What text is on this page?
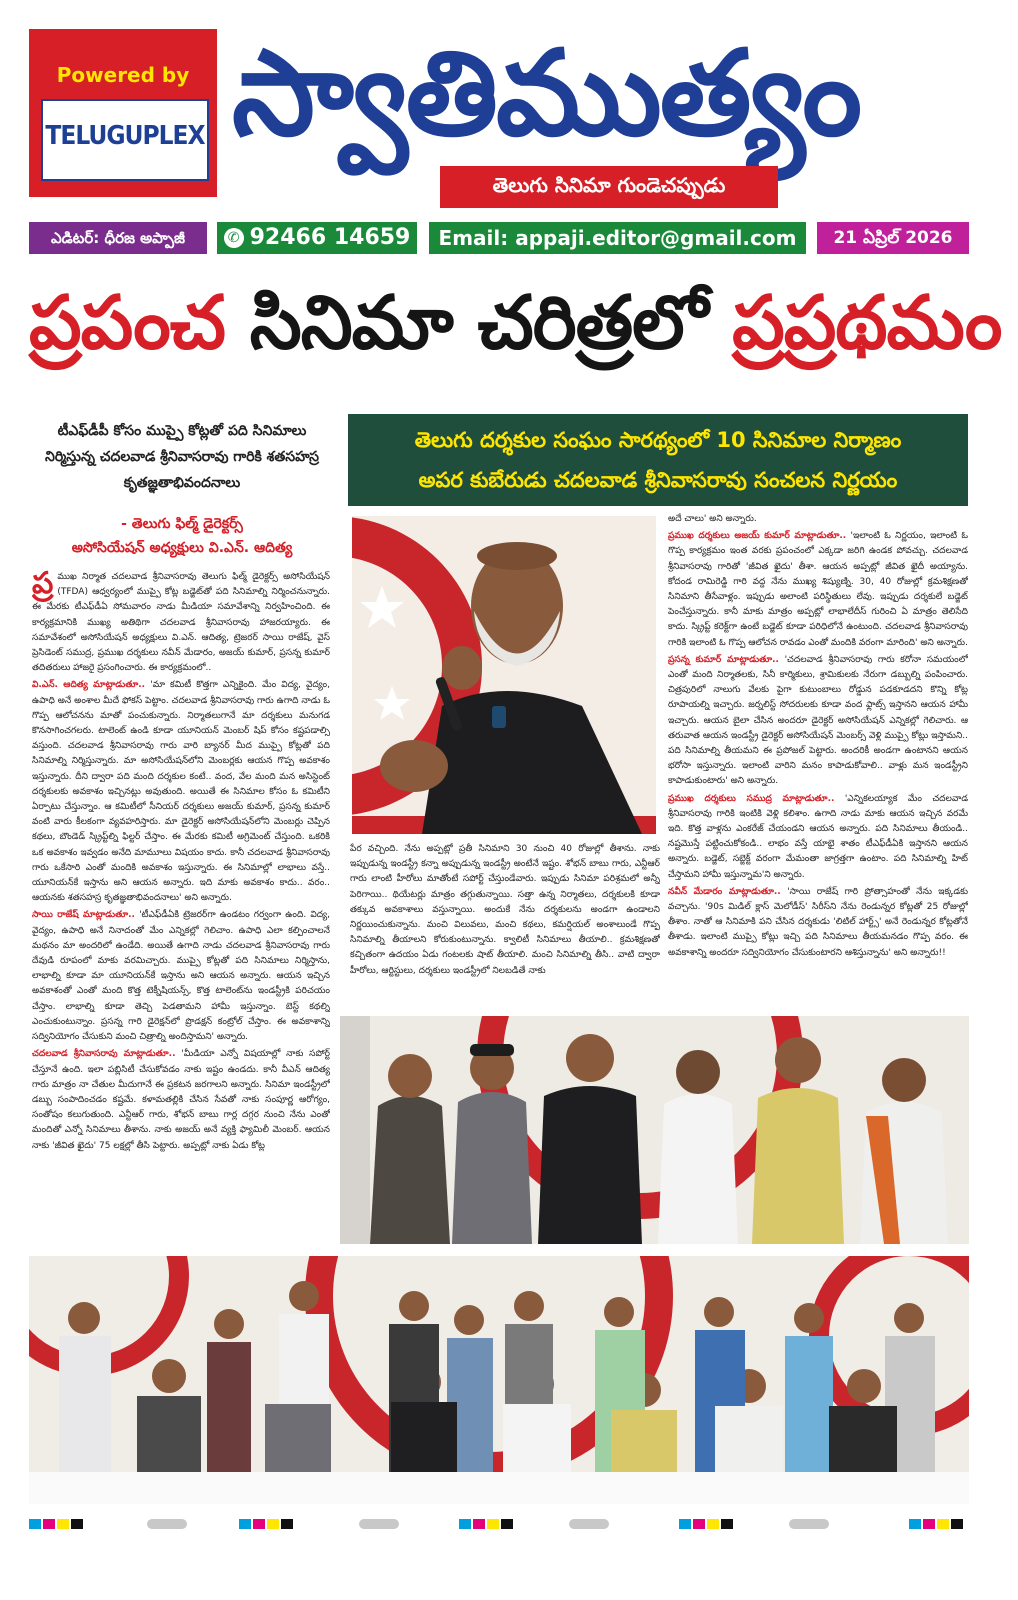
Powered by
TELUGUPLEX స్వాతిముత్యం
తెలుగు సినిమా గుండెచప్పుడు
ఎడిటర్: ధీరజ అప్పాజీ	✆ 92466 14659	Email: appaji.editor@gmail.com	21 ఏప్రిల్ 2026
ప్రపంచ సినిమా చరిత్రలో ప్రప్రథమం
టీఎఫ్‌డీపీ కోసం ముప్పై కోట్లతో పది సినిమాలు నిర్మిస్తున్న చదలవాడ శ్రీనివాసరావు గారికి శతసహస్ర కృతజ్ఞతాభివందనాలు
- తెలుగు ఫిల్మ్ డైరెక్టర్స్
అసోసియేషన్ అధ్యక్షులు వి.ఎన్. ఆదిత్య
తెలుగు దర్శకుల సంఘం సారథ్యంలో 10 సినిమాల నిర్మాణం
అపర కుబేరుడు చదలవాడ శ్రీనివాసరావు సంచలన నిర్ణయం

ప్ర ముఖ నిర్మాత చదలవాడ శ్రీనివాసరావు తెలుగు ఫిల్మ్ డైరెక్టర్స్ అసోసియేషన్ (TFDA) ఆధ్వర్యంలో ముప్పై కోట్ల బడ్జెట్‌తో పది సినిమాల్ని నిర్మించనున్నారు. ఈ మేరకు టీఎఫ్‌డీఏ సోమవారం నాడు మీడియా సమావేశాన్ని నిర్వహించింది. ఈ కార్యక్రమానికి ముఖ్య అతిథిగా చదలవాడ శ్రీనివాసరావు హాజరయ్యారు. ఈ సమావేశంలో అసోసియేషన్ అధ్యక్షులు వి.ఎన్. ఆదిత్య, ట్రెజరర్ సాయి రాజేష్, వైస్ ప్రెసిడెంట్ సముద్ర, ప్రముఖ దర్శకులు నవీన్ మేడారం, అజయ్ కుమార్, ప్రసన్న కుమార్ తదితరులు హాజరై ప్రసంగించారు. ఈ కార్యక్రమంలో..

వి.ఎన్. ఆదిత్య మాట్లాడుతూ.. 'మా కమిటీ కొత్తగా ఎన్నికైంది. మేం విద్య, వైద్యం, ఉపాధి అనే అంశాల మీదే ఫోకస్ పెట్టాం. చదలవాడ శ్రీనివాసరావు గారు ఉగాది నాడు ఓ గొప్ప ఆలోచనను మాతో పంచుకున్నారు. నిర్మాతలుగానే మా దర్శకులు మనుగడ కొనసాగించగలరు. టాలెంట్ ఉండి కూడా యూనియన్ మెంబర్ షిప్ కోసం కష్టపడాల్సి వస్తుంది. చదలవాడ శ్రీనివాసరావు గారు వారి బ్యానర్ మీద ముప్పై కోట్లతో పది సినిమాల్ని నిర్మిస్తున్నారు. మా అసోసియేషన్‌లోని మెంబర్లకు ఆయన గొప్ప అవకాశం ఇస్తున్నారు. దీని ద్వారా పది మంది దర్శకుల కంటే.. వంద, వేల మంది మన అసిస్టెంట్ దర్శకులకు అవకాశం ఇచ్చినట్లు అవుతుంది. అయితే ఈ సినిమాల కోసం ఓ కమిటీని ఏర్పాటు చేస్తున్నాం. ఆ కమిటీలో సీనియర్ దర్శకులు అజయ్ కుమార్, ప్రసన్న కుమార్ వంటి వారు కీలకంగా వ్యవహరిస్తారు. మా డైరెక్టర్ అసోసియేషన్‌లోని మెంబర్లు చెప్పిన కథలు, బౌండెడ్ స్క్రిప్ట్‌ల్ని ఫిల్టర్ చేస్తాం. ఈ మేరకు కమిటీ అగ్రిమెంట్ చేస్తుంది. ఒకరికి ఒక అవకాశం ఇవ్వడం అనేది మామూలు విషయం కాదు. కానీ చదలవాడ శ్రీనివాసరావు గారు ఒకేసారి ఎంతో మందికి అవకాశం ఇస్తున్నారు. ఈ సినిమాల్లో లాభాలు వస్తే.. యూనియన్‌కే ఇస్తాను అని ఆయన అన్నారు. ఇది మాకు అవకాశం కాదు.. వరం.. ఆయనకు శతసహస్ర కృతజ్ఞతాభివందనాలు' అని అన్నారు.

సాయి రాజేష్ మాట్లాడుతూ.. 'టీఎఫ్‌డీఏకి ట్రెజరర్‌గా ఉండటం గర్వంగా ఉంది. విద్య, వైద్యం, ఉపాధి అనే నినాదంతో మేం ఎన్నికల్లో గెలిచాం. ఉపాధి ఎలా కల్పించాలనే మథనం మా అందరిలో ఉండేది. అయితే ఉగాది నాడు చదలవాడ శ్రీనివాసరావు గారు దేవుడి రూపంలో మాకు వరమిచ్చారు. ముప్పై కోట్లతో పది సినిమాలు నిర్మిస్తాను, లాభాల్ని కూడా మా యూనియన్‌కే ఇస్తాను అని ఆయన అన్నారు. ఆయన ఇచ్చిన అవకాశంతో ఎంతో మంది కొత్త టెక్నీషియన్స్, కొత్త టాలెంట్‌ను ఇండస్ట్రీకి పరిచయం చేస్తాం. లాభాల్ని కూడా తెచ్చి పెడతామని హామీ ఇస్తున్నాం. బెస్ట్ కథల్ని ఎంచుకుంటున్నాం. ప్రసన్న గారి డైరెక్షన్‌లో ప్రొడక్షన్ కంట్రోల్ చేస్తాం. ఈ అవకాశాన్ని సద్వినియోగం చేసుకుని మంచి చిత్రాల్ని అందిస్తామని' అన్నారు.

చదలవాడ శ్రీనివాసరావు మాట్లాడుతూ.. 'మీడియా ఎన్నో విషయాల్లో నాకు సపోర్ట్ చేస్తూనే ఉంది. ఇలా పబ్లిసిటీ చేసుకోవడం నాకు ఇష్టం ఉండదు. కానీ వీఎన్ ఆదిత్య గారు మాత్రం నా చేతుల మీదుగానే ఈ ప్రకటన జరగాలని అన్నారు. సినిమా ఇండస్ట్రీలో డబ్బు సంపాదించడం కష్టమే. కళామతల్లికి చేసిన సేవతో నాకు సంపూర్ణ ఆరోగ్యం, సంతోషం కలుగుతుంది. ఎన్టీఆర్ గారు, శోభన్ బాబు గార్ల దగ్గర నుంచి నేను ఎంతో మందితో ఎన్నో సినిమాలు తీశాను. నాకు అజయ్ అనే వ్యక్తి ఫ్యామిలీ మెంబర్. ఆయన నాకు 'జీవిత ఖైదు' 75 లక్షల్లో తీసి పెట్టారు. అప్పట్లో నాకు ఏడు కోట్ల

పేర వచ్చింది. నేను అప్పట్లో ప్రతీ సినిమాని 30 నుంచి 40 రోజుల్లో తీశాను. నాకు ఇప్పుడున్న ఇండస్ట్రీ కన్నా అప్పుడున్న ఇండస్ట్రీ అంటేనే ఇష్టం. శోభన్ బాబు గారు, ఎన్టీఆర్ గారు లాంటి హీరోలు మాతోంటే సపోర్ట్ చేస్తుండేవారు. ఇప్పుడు సినిమా పరిశ్రమలో అన్నీ పెరిగాయి.. థియేటర్లు మాత్రం తగ్గుతున్నాయి. సత్తా ఉన్న నిర్మాతలు, దర్శకులకి కూడా తక్కువ అవకాశాలు వస్తున్నాయి. అందుకే నేను దర్శకులను అండగా ఉండాలని నిర్ణయించుకున్నాను. మంచి విలువలు, మంచి కథలు, కమర్షియల్ అంశాలుండే గొప్ప సినిమాల్ని తీయాలని కోరుకుంటున్నాను. క్వాలిటీ సినిమాలు తీయాలి.. క్రమశిక్షణతో కచ్చితంగా ఉదయం ఏడు గంటలకు షాట్ తీయాలి. మంచి సినిమాల్ని తీసి.. వాటి ద్వారా హీరోలు, ఆర్టిస్టులు, దర్శకులు ఇండస్ట్రీలో నిలబడితే నాకు

అదే చాలు' అని అన్నారు.

ప్రముఖ దర్శకులు అజయ్ కుమార్ మాట్లాడుతూ.. 'ఇలాంటి ఓ నిర్ణయం, ఇలాంటి ఓ గొప్ప కార్యక్రమం ఇంత వరకు ప్రపంచంలో ఎక్కడా జరిగి ఉండక పోవచ్చు. చదలవాడ శ్రీనివాసరావు గారితో 'జీవిత ఖైదు' తీశా. ఆయన అప్పట్లో జీవిత ఖైదీ అయ్యాను. కోదండ రామిరెడ్డి గారి వద్ద నేను ముఖ్య శిష్యుణ్ని. 30, 40 రోజుల్లో క్రమశిక్షణతో సినిమాని తీసేవాళ్లం. ఇప్పుడు అలాంటి పరిస్థితులు లేవు. ఇప్పుడు దర్శకులే బడ్జెట్ పెంచేస్తున్నారు. కానీ మాకు మాత్రం అప్పట్లో లాభాలేదీస్ గురించి ఏ మాత్రం తెలిసేది కాదు. స్క్రిప్ట్ కరెక్ట్‌గా ఉంటే బడ్జెట్ కూడా పరిధిలోనే ఉంటుంది. చదలవాడ శ్రీనివాసరావు గారికి ఇలాంటి ఓ గొప్ప ఆలోచన రావడం ఎంతో మందికి వరంగా మారింది' అని అన్నారు.

ప్రసన్న కుమార్ మాట్లాడుతూ.. 'చదలవాడ శ్రీనివాసరావు గారు కరోనా సమయంలో ఎంతో మంది నిర్మాతలకు, సినీ కార్మికులు, శ్రామికులకు నేరుగా డబ్బుల్ని పంపించారు. చిత్రపురిలో నాలుగు వేలకు పైగా కుటుంబాలు రోడ్డున పడకూడదని కొన్ని కోట్ల రూపాయల్ని ఇచ్చారు. జర్నలిస్ట్ సోదరులకు కూడా వంద ఫ్లాట్స్ ఇస్తానని ఆయన హామీ ఇచ్చారు. ఆయన బైలా చేసిన అందరూ డైరెక్టర్ అసోసియేషన్ ఎన్నికల్లో గెలిచారు. ఆ తరువాత ఆయన ఇండస్ట్రీ డైరెక్టర్ అసోసియేషన్ మెంబర్స్ వెళ్లి ముప్పై కోట్లు ఇస్తామని.. పది సినిమాల్ని తీయమని ఈ ప్రపోజల్ పెట్టారు. అందరికీ అండగా ఉంటానని ఆయన భరోసా ఇస్తున్నారు. ఇలాంటి వారిని మనం కాపాడుకోవాలి.. వాళ్లు మన ఇండస్ట్రీని కాపాడుకుంటారు' అని అన్నారు.

ప్రముఖ దర్శకులు సముద్ర మాట్లాడుతూ.. 'ఎన్నికలయ్యాక మేం చదలవాడ శ్రీనివాసరావు గారికి ఇంటికి వెళ్లి కలిశాం. ఉగాది నాడు మాకు ఆయన ఇచ్చిన వరమే ఇది. కొత్త వాళ్లను ఎంకరేజ్ చేయండని ఆయన అన్నారు. పది సినిమాలు తీయండి.. నష్టమొస్తే పట్టించుకోకండి.. లాభం వస్తే యాభై శాతం టీఎఫ్‌డీఏకి ఇస్తానని ఆయన అన్నారు. బడ్జెట్, సబ్జెక్ట్ వరంగా మేమంతా జాగ్రత్తగా ఉంటాం. పది సినిమాల్ని హిట్ చేస్తామని హామీ ఇస్తున్నామ'ని అన్నారు.

నవీన్ మేడారం మాట్లాడుతూ.. 'సాయి రాజేష్ గారి ప్రోత్సాహంతో నేను ఇక్కడకు వచ్చాను. '90s మిడిల్ క్లాస్ మెలోడీస్' సిరీస్‌ని నేను రెండున్నర కోట్లతో 25 రోజుల్లో తీశాం. నాతో ఆ సినిమాకి పని చేసిన దర్శకుడు 'లిటిల్ హార్ట్స్' అనే రెండున్నర కోట్లతోనే తీశాడు. ఇలాంటి ముప్పై కోట్లు ఇచ్చి పది సినిమాలు తీయమనడం గొప్ప వరం. ఈ అవకాశాన్ని అందరూ సద్వినియోగం చేసుకుంటారని ఆశిస్తున్నాను' అని అన్నారు!!
